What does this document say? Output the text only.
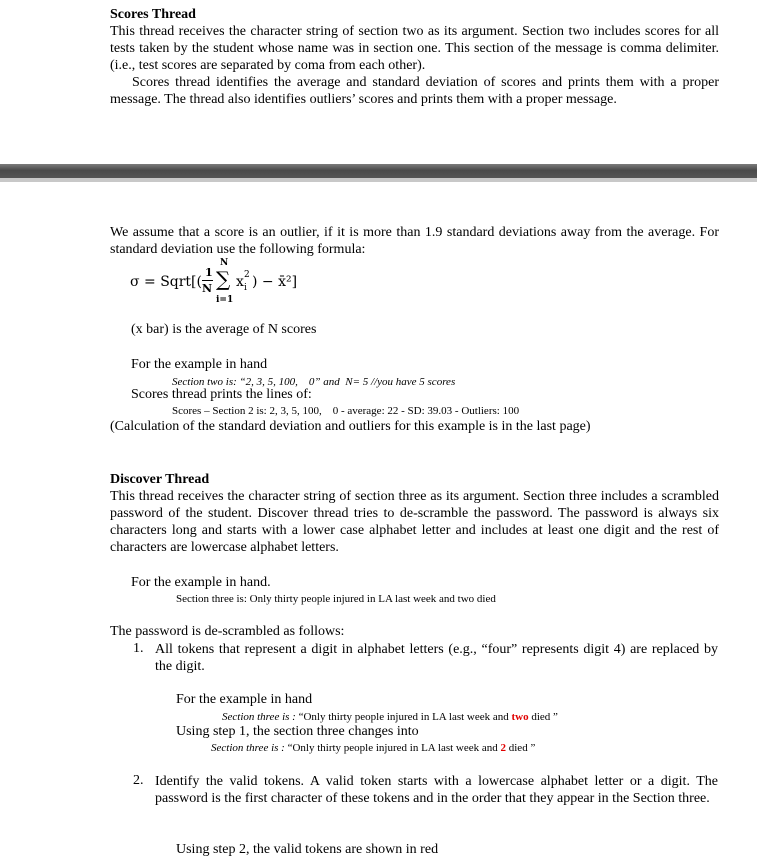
Scores Thread
This thread receives the character string of section two as its argument. Section two includes scores for all tests taken by the student whose name was in section one. This section of the message is comma delimiter. (i.e., test scores are separated by coma from each other).
Scores thread identifies the average and standard deviation of scores and prints them with a proper message. The thread also identifies outliers’ scores and prints them with a proper message.
We assume that a score is an outlier, if it is more than 1.9 standard deviations away from the average. For standard deviation use the following formula:
σ = Sqrt[(
1
N
N
∑
i=1
x 2
i ) − x̄²]
(x bar) is the average of N scores
For the example in hand
Section two is: “2, 3, 5, 100,    0” and  N= 5 //you have 5 scores
Scores thread prints the lines of:
Scores – Section 2 is: 2, 3, 5, 100,    0 - average: 22 - SD: 39.03 - Outliers: 100
(Calculation of the standard deviation and outliers for this example is in the last page)
Discover Thread
This thread receives the character string of section three as its argument. Section three includes a scrambled password of the student. Discover thread tries to de-scramble the password. The password is always six characters long and starts with a lower case alphabet letter and includes at least one digit and the rest of characters are lowercase alphabet letters.
For the example in hand.
Section three is: Only thirty people injured in LA last week and two died
The password is de-scrambled as follows:
1. All tokens that represent a digit in alphabet letters (e.g., “four” represents digit 4) are replaced by the digit.
For the example in hand
Section three is : “Only thirty people injured in LA last week and two died ”
Using step 1, the section three changes into
Section three is : “Only thirty people injured in LA last week and 2 died ”
2. Identify the valid tokens. A valid token starts with a lowercase alphabet letter or a digit. The password is the first character of these tokens and in the order that they appear in the Section three.
Using step 2, the valid tokens are shown in red
